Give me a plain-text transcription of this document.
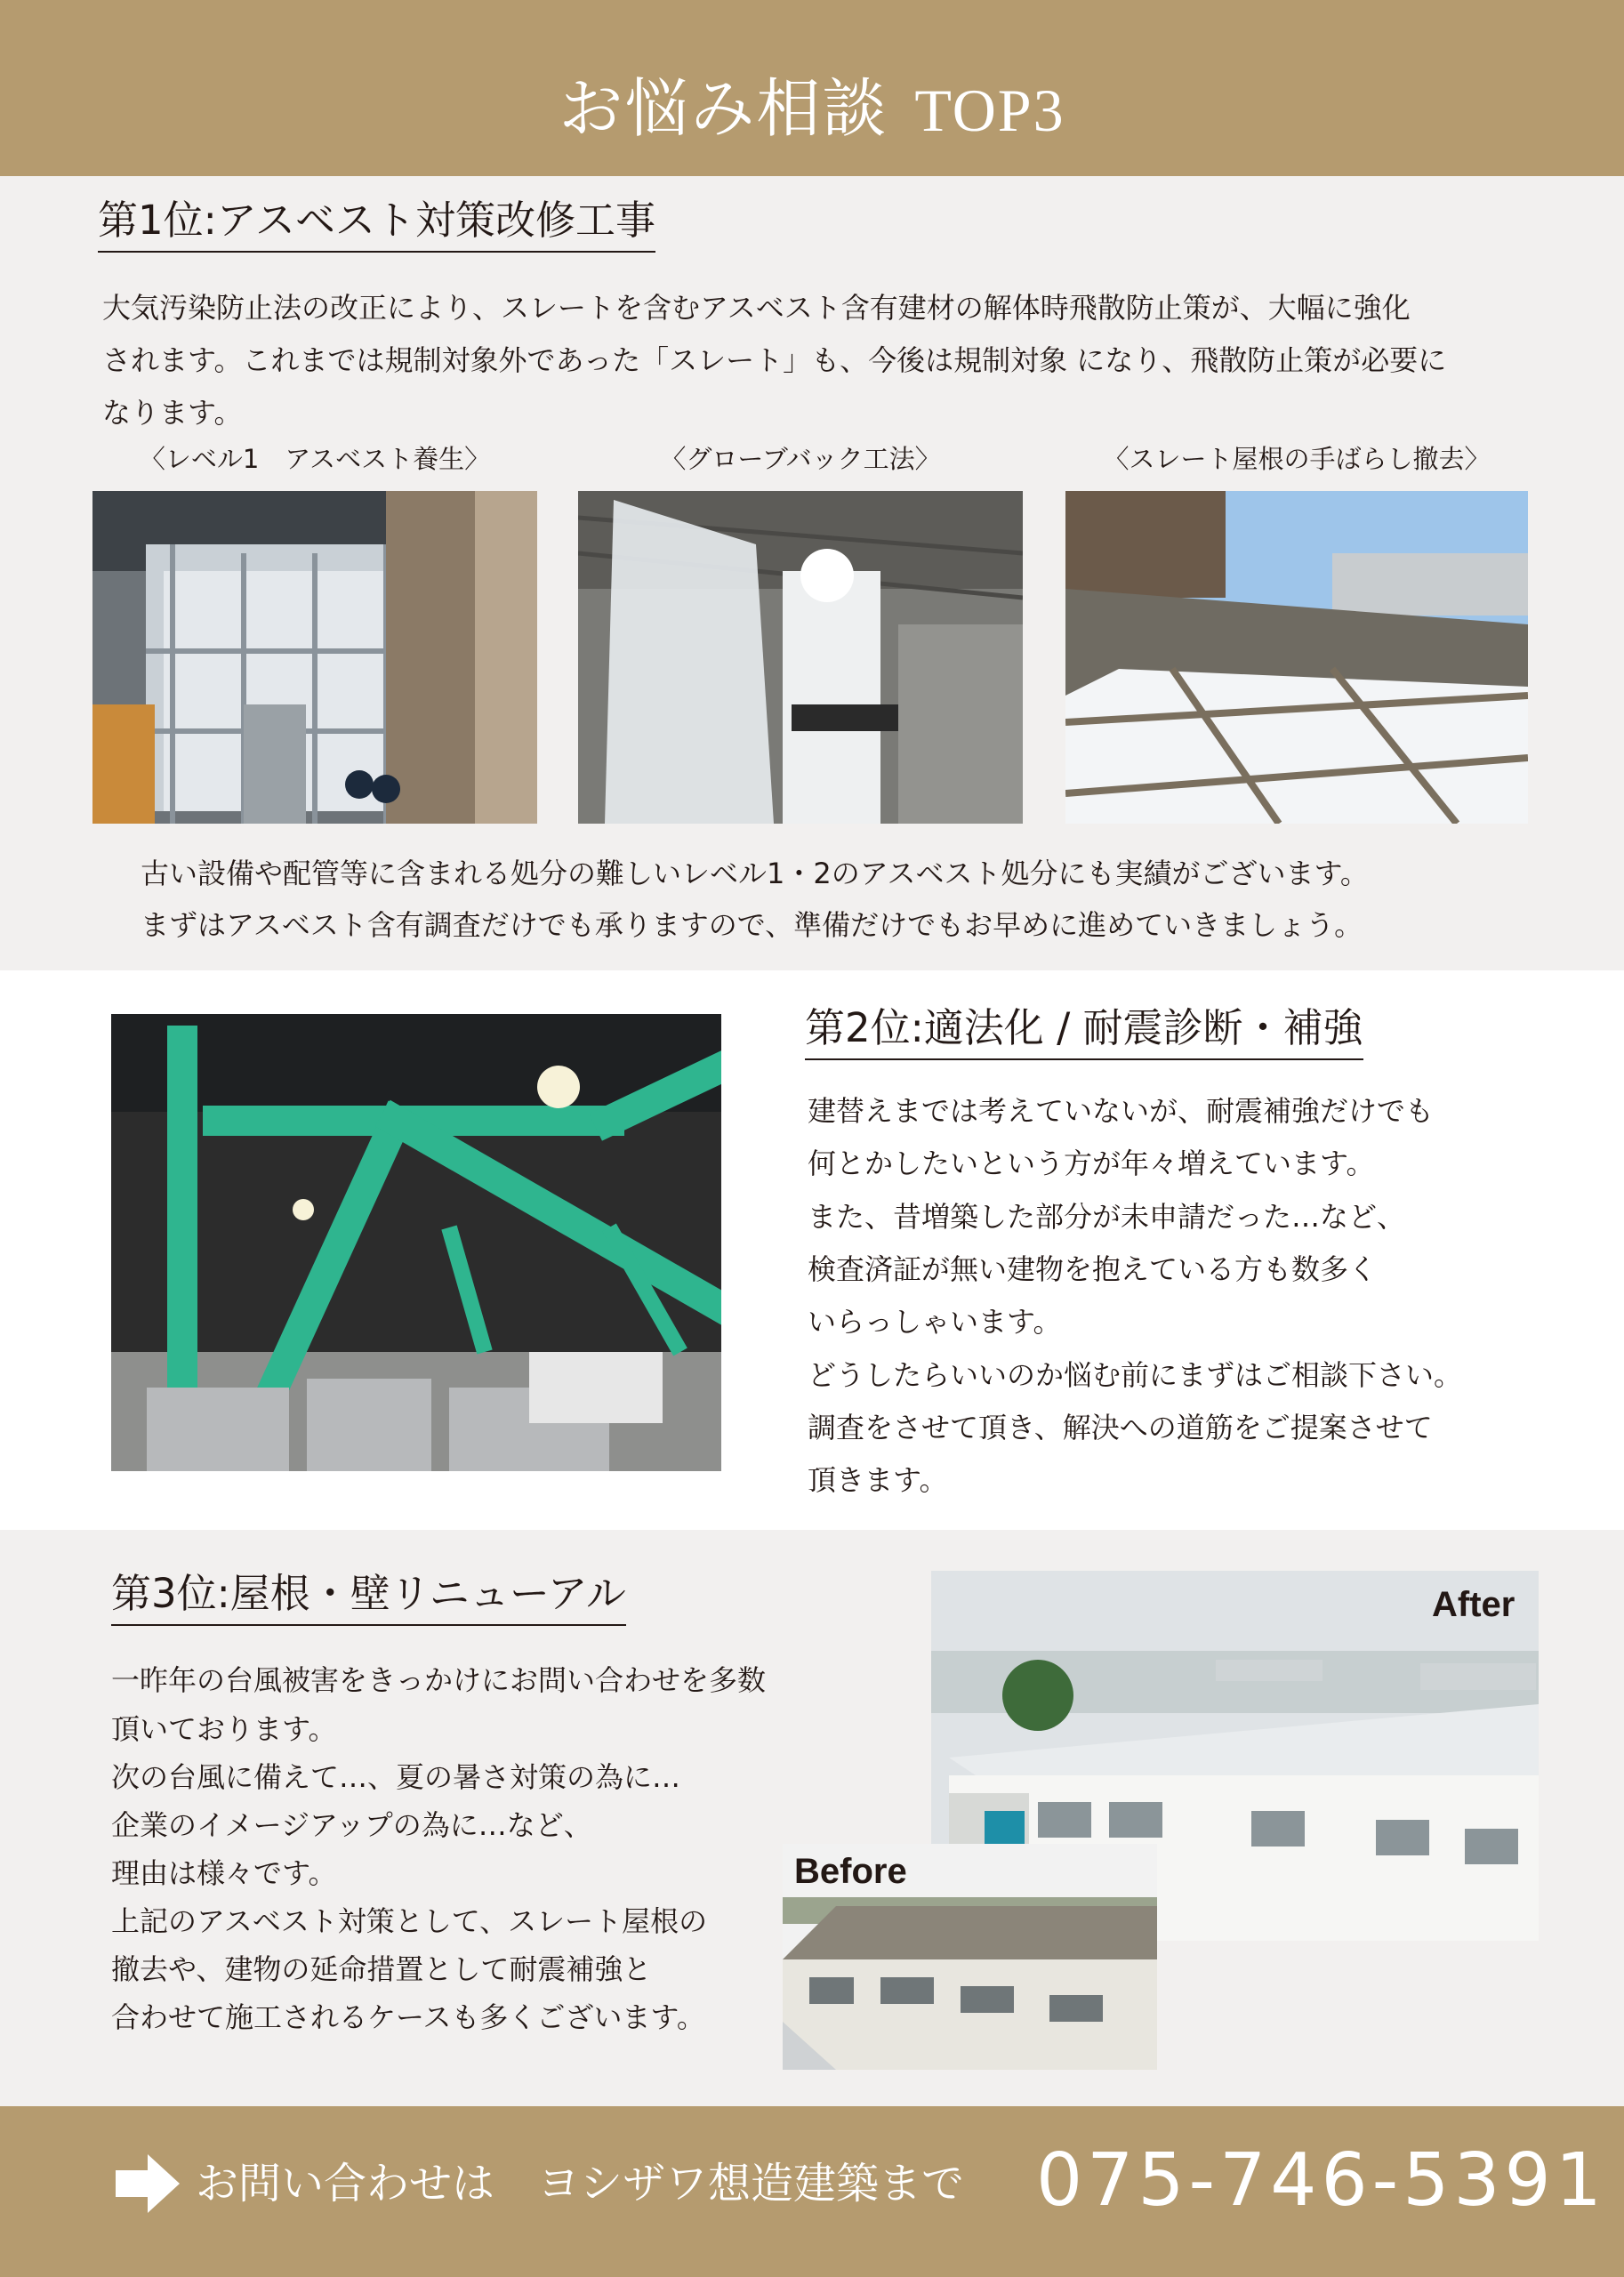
お悩み相談 TOP3
第1位:アスベスト対策改修工事
大気汚染防止法の改正により、スレートを含むアスベスト含有建材の解体時飛散防止策が、大幅に強化
されます。これまでは規制対象外であった「スレート」も、今後は規制対象 になり、飛散防止策が必要に
なります。
〈レベル1　アスベスト養生〉	〈グローブバック工法〉	〈スレート屋根の手ばらし撤去〉
古い設備や配管等に含まれる処分の難しいレベル1・2のアスベスト処分にも実績がございます。
まずはアスベスト含有調査だけでも承りますので、準備だけでもお早めに進めていきましょう。
第2位:適法化 / 耐震診断・補強
建替えまでは考えていないが、耐震補強だけでも
何とかしたいという方が年々増えています。
また、昔増築した部分が未申請だった…など、
検査済証が無い建物を抱えている方も数多く
いらっしゃいます。
どうしたらいいのか悩む前にまずはご相談下さい。
調査をさせて頂き、解決への道筋をご提案させて
頂きます。
第3位:屋根・壁リニューアル
一昨年の台風被害をきっかけにお問い合わせを多数
頂いております。
次の台風に備えて…、夏の暑さ対策の為に…
企業のイメージアップの為に…など、
理由は様々です。
上記のアスベスト対策として、スレート屋根の
撤去や、建物の延命措置として耐震補強と
合わせて施工されるケースも多くございます。
After
Before
お問い合わせは　ヨシザワ想造建築まで 075-746-5391
